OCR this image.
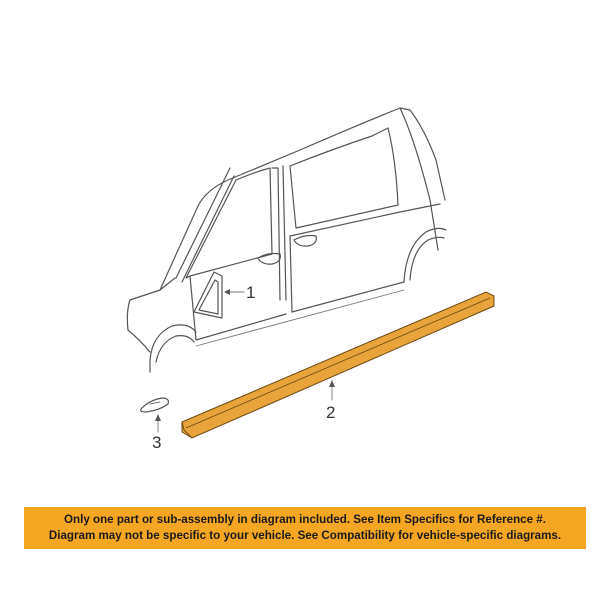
1
2
3
Only one part or sub-assembly in diagram included. See Item Specifics for Reference #.
Diagram may not be specific to your vehicle. See Compatibility for vehicle-specific diagrams.
